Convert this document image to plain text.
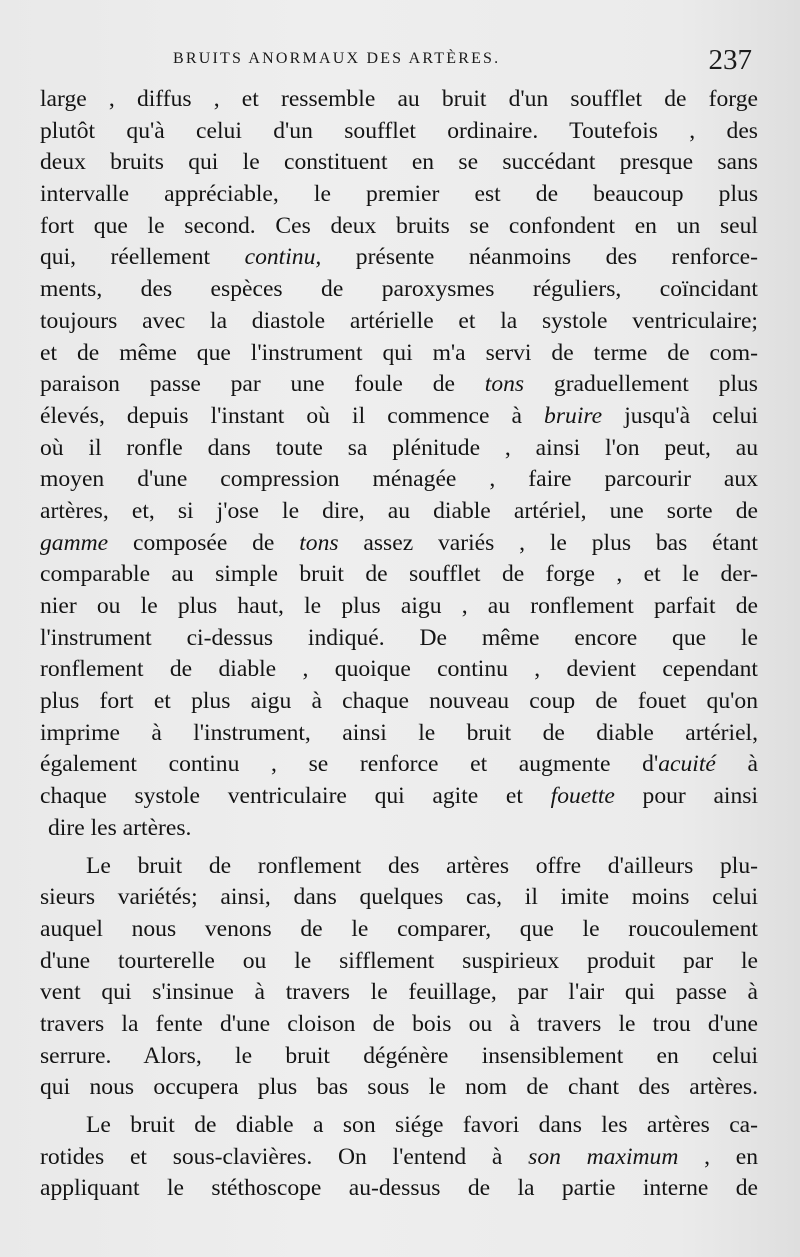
BRUITS ANORMAUX DES ARTÈRES.	237
large , diffus , et ressemble au bruit d'un soufflet de forge
plutôt qu'à celui d'un soufflet ordinaire. Toutefois , des
deux bruits qui le constituent en se succédant presque sans
intervalle appréciable, le premier est de beaucoup plus
fort que le second. Ces deux bruits se confondent en un seul
qui, réellement continu, présente néanmoins des renforce-
ments, des espèces de paroxysmes réguliers, coïncidant
toujours avec la diastole artérielle et la systole ventriculaire;
et de même que l'instrument qui m'a servi de terme de com-
paraison passe par une foule de tons graduellement plus
élevés, depuis l'instant où il commence à bruire jusqu'à celui
où il ronfle dans toute sa plénitude , ainsi l'on peut, au
moyen d'une compression ménagée , faire parcourir aux
artères, et, si j'ose le dire, au diable artériel, une sorte de
gamme composée de tons assez variés , le plus bas étant
comparable au simple bruit de soufflet de forge , et le der-
nier ou le plus haut, le plus aigu , au ronflement parfait de
l'instrument ci-dessus indiqué. De même encore que le
ronflement de diable , quoique continu , devient cependant
plus fort et plus aigu à chaque nouveau coup de fouet qu'on
imprime à l'instrument, ainsi le bruit de diable artériel,
également continu , se renforce et augmente d'acuité à
chaque systole ventriculaire qui agite et fouette pour ainsi
dire les artères.
Le bruit de ronflement des artères offre d'ailleurs plu-
sieurs variétés; ainsi, dans quelques cas, il imite moins celui
auquel nous venons de le comparer, que le roucoulement
d'une tourterelle ou le sifflement suspirieux produit par le
vent qui s'insinue à travers le feuillage, par l'air qui passe à
travers la fente d'une cloison de bois ou à travers le trou d'une
serrure. Alors, le bruit dégénère insensiblement en celui
qui nous occupera plus bas sous le nom de chant des artères.
Le bruit de diable a son siége favori dans les artères ca-
rotides et sous-clavières. On l'entend à son maximum , en
appliquant le stéthoscope au-dessus de la partie interne de
